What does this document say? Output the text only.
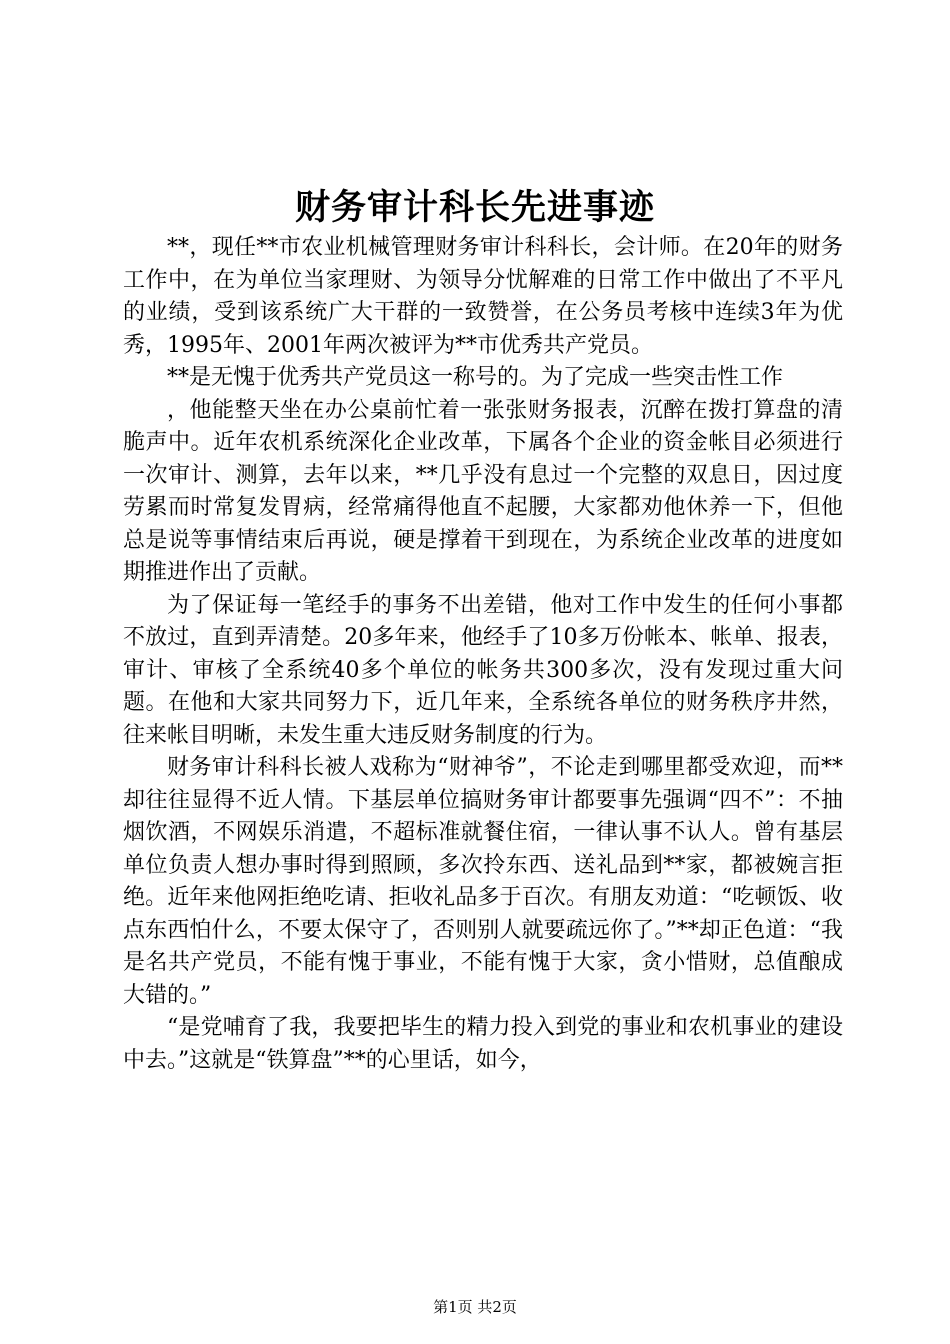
财务审计科长先进事迹

**，现任**市农业机械管理财务审计科科长，会计师。在20年的财务工作中，在为单位当家理财、为领导分忧解难的日常工作中做出了不平凡的业绩，受到该系统广大干群的一致赞誉，在公务员考核中连续3年为优秀，1995年、2001年两次被评为**市优秀共产党员。

**是无愧于优秀共产党员这一称号的。为了完成一些突击性工作

，他能整天坐在办公桌前忙着一张张财务报表，沉醉在拨打算盘的清脆声中。近年农机系统深化企业改革，下属各个企业的资金帐目必须进行一次审计、测算，去年以来，**几乎没有息过一个完整的双息日，因过度劳累而时常复发胃病，经常痛得他直不起腰，大家都劝他休养一下，但他总是说等事情结束后再说，硬是撑着干到现在，为系统企业改革的进度如期推进作出了贡献。

为了保证每一笔经手的事务不出差错，他对工作中发生的任何小事都不放过，直到弄清楚。20多年来，他经手了10多万份帐本、帐单、报表，审计、审核了全系统40多个单位的帐务共300多次，没有发现过重大问题。在他和大家共同努力下，近几年来，全系统各单位的财务秩序井然，往来帐目明晰，未发生重大违反财务制度的行为。

财务审计科科长被人戏称为“财神爷”，不论走到哪里都受欢迎，而**却往往显得不近人情。下基层单位搞财务审计都要事先强调“四不”：不抽烟饮酒，不网娱乐消遣，不超标准就餐住宿，一律认事不认人。曾有基层单位负责人想办事时得到照顾，多次拎东西、送礼品到**家，都被婉言拒绝。近年来他网拒绝吃请、拒收礼品多于百次。有朋友劝道：“吃顿饭、收点东西怕什么，不要太保守了，否则别人就要疏远你了。”**却正色道：“我是名共产党员，不能有愧于事业，不能有愧于大家，贪小惜财，总值酿成大错的。”

“是党哺育了我，我要把毕生的精力投入到党的事业和农机事业的建设中去。”这就是“铁算盘”**的心里话，如今，

第1页 共2页
